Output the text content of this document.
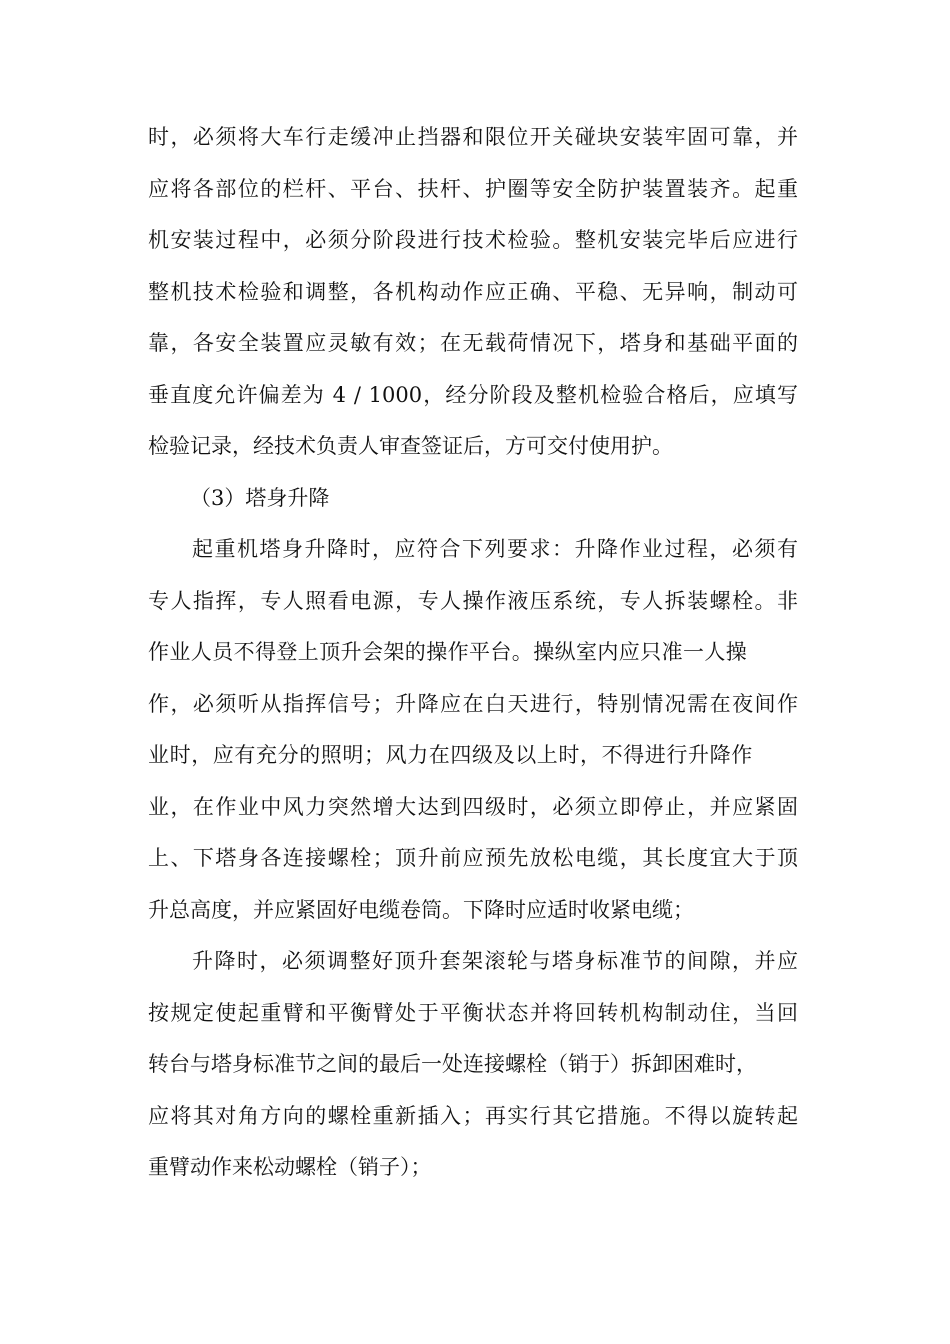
时，必须将大车行走缓冲止挡器和限位开关碰块安装牢固可靠，并
应将各部位的栏杆、平台、扶杆、护圈等安全防护装置装齐。起重
机安装过程中，必须分阶段进行技术检验。整机安装完毕后应进行
整机技术检验和调整，各机构动作应正确、平稳、无异响，制动可
靠，各安全装置应灵敏有效；在无载荷情况下，塔身和基础平面的
垂直度允许偏差为 4 / 1000，经分阶段及整机检验合格后，应填写
检验记录，经技术负责人审查签证后，方可交付使用护。
（3）塔身升降
起重机塔身升降时，应符合下列要求：升降作业过程，必须有
专人指挥，专人照看电源，专人操作液压系统，专人拆装螺栓。非
作业人员不得登上顶升会架的操作平台。操纵室内应只准一人操
作，必须听从指挥信号；升降应在白天进行，特别情况需在夜间作
业时，应有充分的照明；风力在四级及以上时，不得进行升降作
业，在作业中风力突然增大达到四级时，必须立即停止，并应紧固
上、下塔身各连接螺栓；顶升前应预先放松电缆，其长度宜大于顶
升总高度，并应紧固好电缆卷筒。下降时应适时收紧电缆；
升降时，必须调整好顶升套架滚轮与塔身标准节的间隙，并应
按规定使起重臂和平衡臂处于平衡状态并将回转机构制动住，当回
转台与塔身标准节之间的最后一处连接螺栓（销于）拆卸困难时，
应将其对角方向的螺栓重新插入；再实行其它措施。不得以旋转起
重臂动作来松动螺栓（销子）；
